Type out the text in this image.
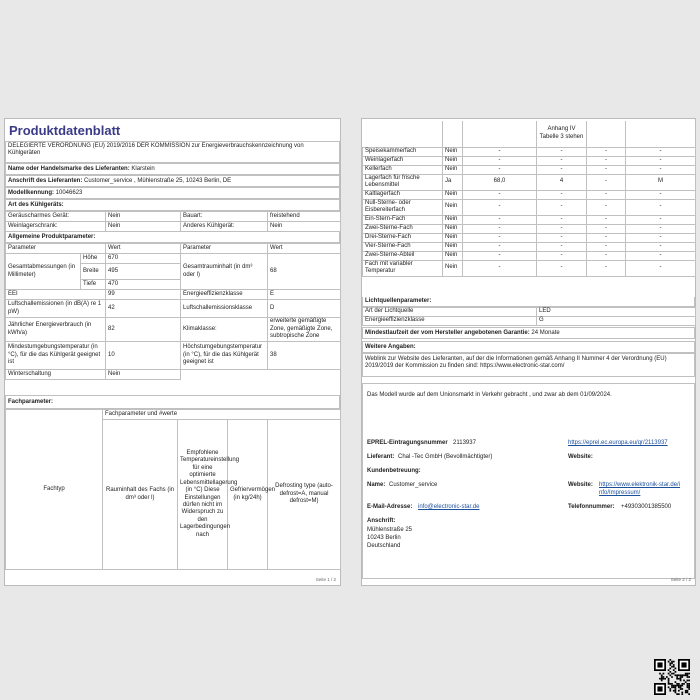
Produktdatenblatt
DELEGIERTE VERORDNUNG (EU) 2019/2016 DER KOMMISSION zur Energieverbrauchskennzeichnung von Kühlgeräten
Name oder Handelsmarke des Lieferanten: Klarstein
Anschrift des Lieferanten: Customer_service , Mühlenstraße 25, 10243 Berlin, DE
Modellkennung: 10046623
Art des Kühlgeräts:
Geräuscharmes Gerät:	Nein	Bauart:	freistehend
Weinlagerschrank:	Nein	Anderes Kühlgerät:	Nein
Allgemeine Produktparameter:
Parameter		Wert	Parameter	Wert
Gesamtabmessungen (in Millimeter)	Höhe	670	Gesamtrauminhalt (in dm³ oder l)	68
	Breite	495		
	Tiefe	470		
EEI		99	Energieeffizienzklasse	E
Luftschallemissionen (in dB(A) re 1 pW)		42	Luftschallemissionsklasse	D
Jährlicher Energieverbrauch (in kWh/a)		82	Klimaklasse:	erweiterte gemäßigte Zone, gemäßigte Zone, subtropische Zone
Mindestumgebungstemperatur (in °C), für die das Kühlgerät geeignet ist		10	Höchstumgebungstemperatur (in °C), für die das Kühlgerät geeignet ist	38
Winterschaltung		Nein		
Fachparameter:
Fachtyp	Fachparameter und #werte			
	Rauminhalt des Fachs (in dm³ oder l)	Empfohlene Temperatureinstellung für eine optimierte Lebensmittellagerung (in °C) Diese Einstellungen dürfen nicht im Widerspruch zu den Lagerbedingungen nach	Gefriervermögen (in kg/24h)	Defrosting type (auto-defrost=A, manual defrost=M)
Seite 1 / 2
			Anhang IV Tabelle 3 stehen		
Speisekammerfach	Nein	-	-	-	-
Weinlagerfach	Nein	-	-	-	-
Kellerfach	Nein	-	-	-	-
Lagerfach für frische Lebensmittel	Ja	68,0	4	-	M
Kaltlagerfach	Nein	-	-	-	-
Null-Sterne- oder Eisbereiterfach	Nein	-	-	-	-
Ein-Stern-Fach	Nein	-	-	-	-
Zwei-Sterne-Fach	Nein	-	-	-	-
Drei-Sterne-Fach	Nein	-	-	-	-
Vier-Sterne-Fach	Nein	-	-	-	-
Zwei-Sterne-Abteil	Nein	-	-	-	-
Fach mit variabler Temperatur	Nein	-	-	-	-
Lichtquellenparameter:
Art der Lichtquelle	LED
Energieeffizienzklasse	G
Mindestlaufzeit der vom Hersteller angebotenen Garantie: 24 Monate
Weitere Angaben:
Weblink zur Website des Lieferanten, auf der die Informationen gemäß Anhang II Nummer 4 der Verordnung (EU) 2019/2019 der Kommission zu finden sind: https://www.electronic-star.com/
Das Modell wurde auf dem Unionsmarkt in Verkehr gebracht , und zwar ab dem 01/09/2024.
EPREL-Eintragungsnummer 2113937	https://eprel.ec.europa.eu/qr/2113937
Lieferant: Chal -Tec GmbH (Bevollmächtigter)	Website:
Kundenbetreuung:
Name: Customer_service	Website: https://www.elektronik-star.de/i
nfo/Impressum/
E-Mail-Adresse: info@electronic-star.de	Telefonnummer: +49303001385500
Anschrift:
Mühlenstraße 25
10243 Berlin
Deutschland
Seite 2 / 2
